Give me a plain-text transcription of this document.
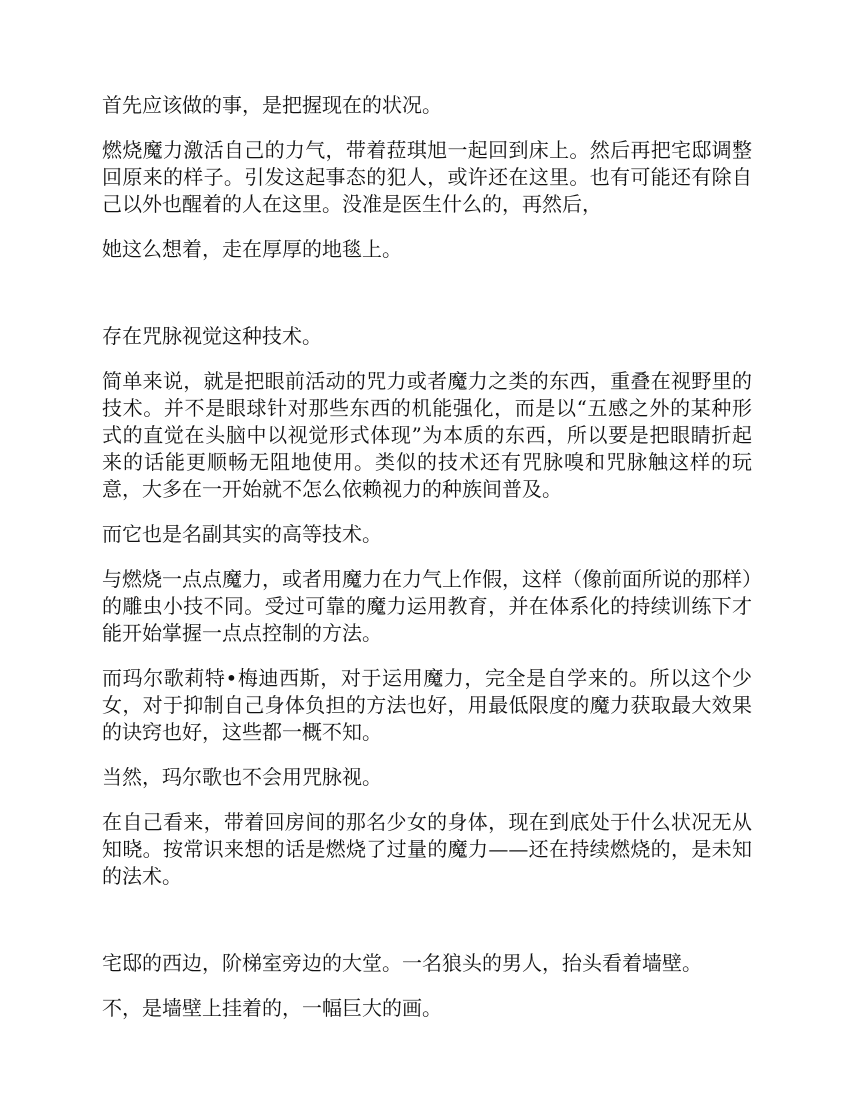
首先应该做的事，是把握现在的状况。

燃烧魔力激活自己的力气，带着菈琪旭一起回到床上。然后再把宅邸调整回原来的样子。引发这起事态的犯人，或许还在这里。也有可能还有除自己以外也醒着的人在这里。没准是医生什么的，再然后，

她这么想着，走在厚厚的地毯上。

存在咒脉视觉这种技术。

简单来说，就是把眼前活动的咒力或者魔力之类的东西，重叠在视野里的技术。并不是眼球针对那些东西的机能强化，而是以“五感之外的某种形式的直觉在头脑中以视觉形式体现”为本质的东西，所以要是把眼睛折起来的话能更顺畅无阻地使用。类似的技术还有咒脉嗅和咒脉触这样的玩意，大多在一开始就不怎么依赖视力的种族间普及。

而它也是名副其实的高等技术。

与燃烧一点点魔力，或者用魔力在力气上作假，这样（像前面所说的那样）的雕虫小技不同。受过可靠的魔力运用教育，并在体系化的持续训练下才能开始掌握一点点控制的方法。

而玛尔歌莉特•梅迪西斯，对于运用魔力，完全是自学来的。所以这个少女，对于抑制自己身体负担的方法也好，用最低限度的魔力获取最大效果的诀窍也好，这些都一概不知。

当然，玛尔歌也不会用咒脉视。

在自己看来，带着回房间的那名少女的身体，现在到底处于什么状况无从知晓。按常识来想的话是燃烧了过量的魔力——还在持续燃烧的，是未知的法术。

宅邸的西边，阶梯室旁边的大堂。一名狼头的男人，抬头看着墙壁。

不，是墙壁上挂着的，一幅巨大的画。
